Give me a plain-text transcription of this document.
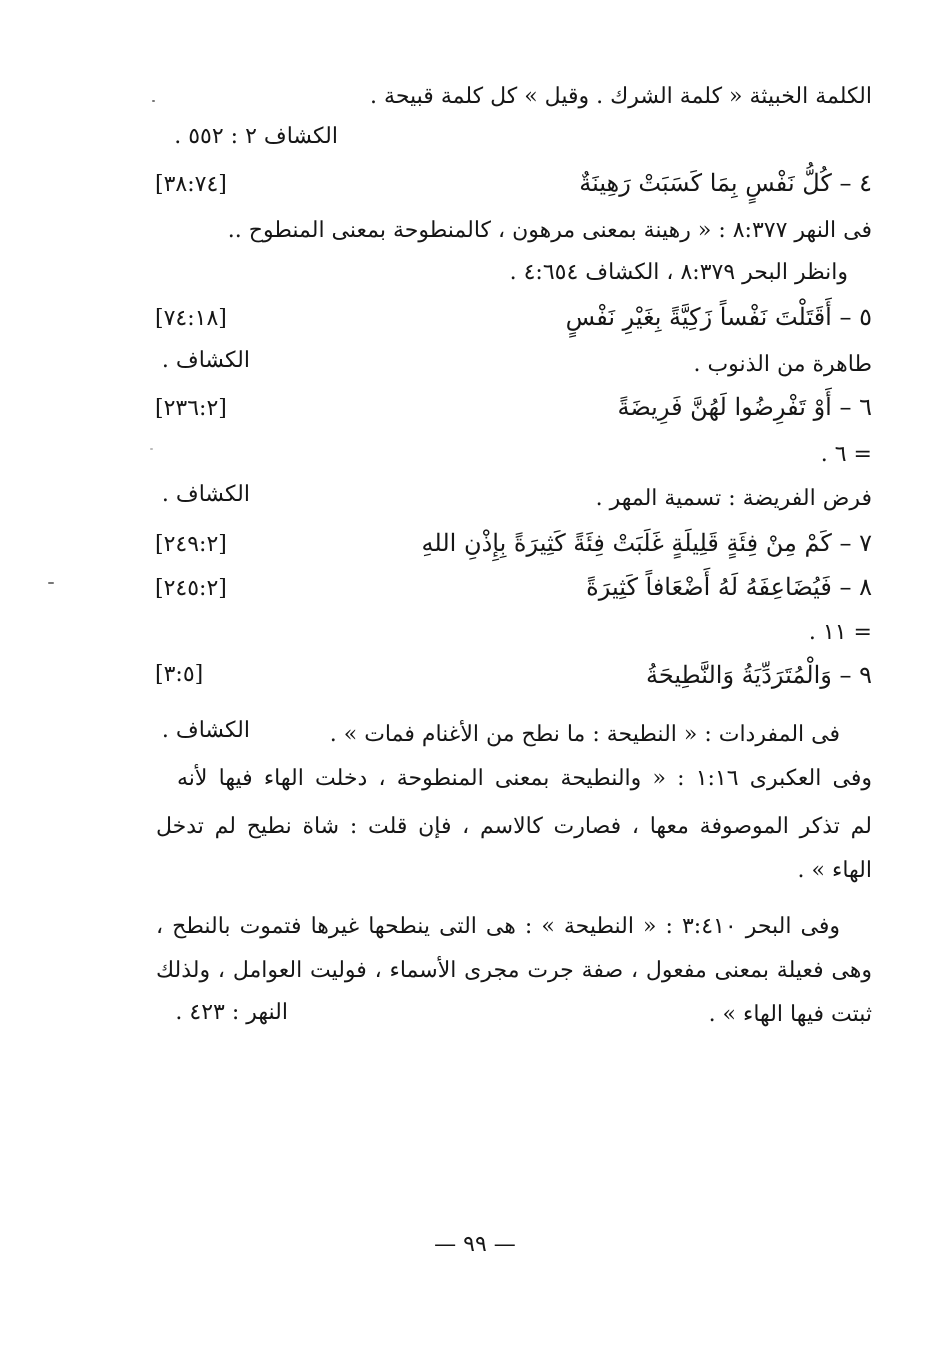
الكلمة الخبيثة « كلمة الشرك . وقيل » كل كلمة قبيحة .
الكشاف ٢ : ٥٥٢ .
٤ – كُلُّ نَفْسٍ بِمَا كَسَبَتْ رَهِينَةٌ
[٣٨:٧٤]
فى النهر ٨:٣٧٧ : « رهينة بمعنى مرهون ، كالمنطوحة بمعنى المنطوح ..
وانظر البحر ٨:٣٧٩ ، الكشاف ٤:٦٥٤ .
٥ – أَقَتَلْتَ نَفْساً زَكِيَّةً بِغَيْرِ نَفْسٍ
[٧٤:١٨]
طاهرة من الذنوب .
الكشاف .
٦ – أَوْ تَفْرِضُوا لَهُنَّ فَرِيضَةً
[٢٣٦:٢]
= ٦ .
فرض الفريضة : تسمية المهر .
الكشاف .
٧ – كَمْ مِنْ فِئَةٍ قَلِيلَةٍ غَلَبَتْ فِئَةً كَثِيرَةً بِإِذْنِ اللهِ
[٢٤٩:٢]
٨ – فَيُضَاعِفَهُ لَهُ أَضْعَافاً كَثِيرَةً
[٢٤٥:٢]
= ١١ .
٩ – وَالْمُتَرَدِّيَةُ وَالنَّطِيحَةُ
[٣:٥]
فى المفردات : « النطيحة : ما نطح من الأغنام فمات » .
الكشاف .
وفى العكبرى ١:١٦ : « والنطيحة بمعنى المنطوحة ، دخلت الهاء فيها لأنه
لم تذكر الموصوفة معها ، فصارت كالاسم ، فإن قلت : شاة نطيح لم تدخل
الهاء » .
وفى البحر ٣:٤١٠ : « النطيحة » : هى التى ينطحها غيرها فتموت بالنطح ،
وهى فعيلة بمعنى مفعول ، صفة جرت مجرى الأسماء ، فوليت العوامل ، ولذلك
ثبتت فيها الهاء » .
النهر : ٤٢٣ .
— ٩٩ —
